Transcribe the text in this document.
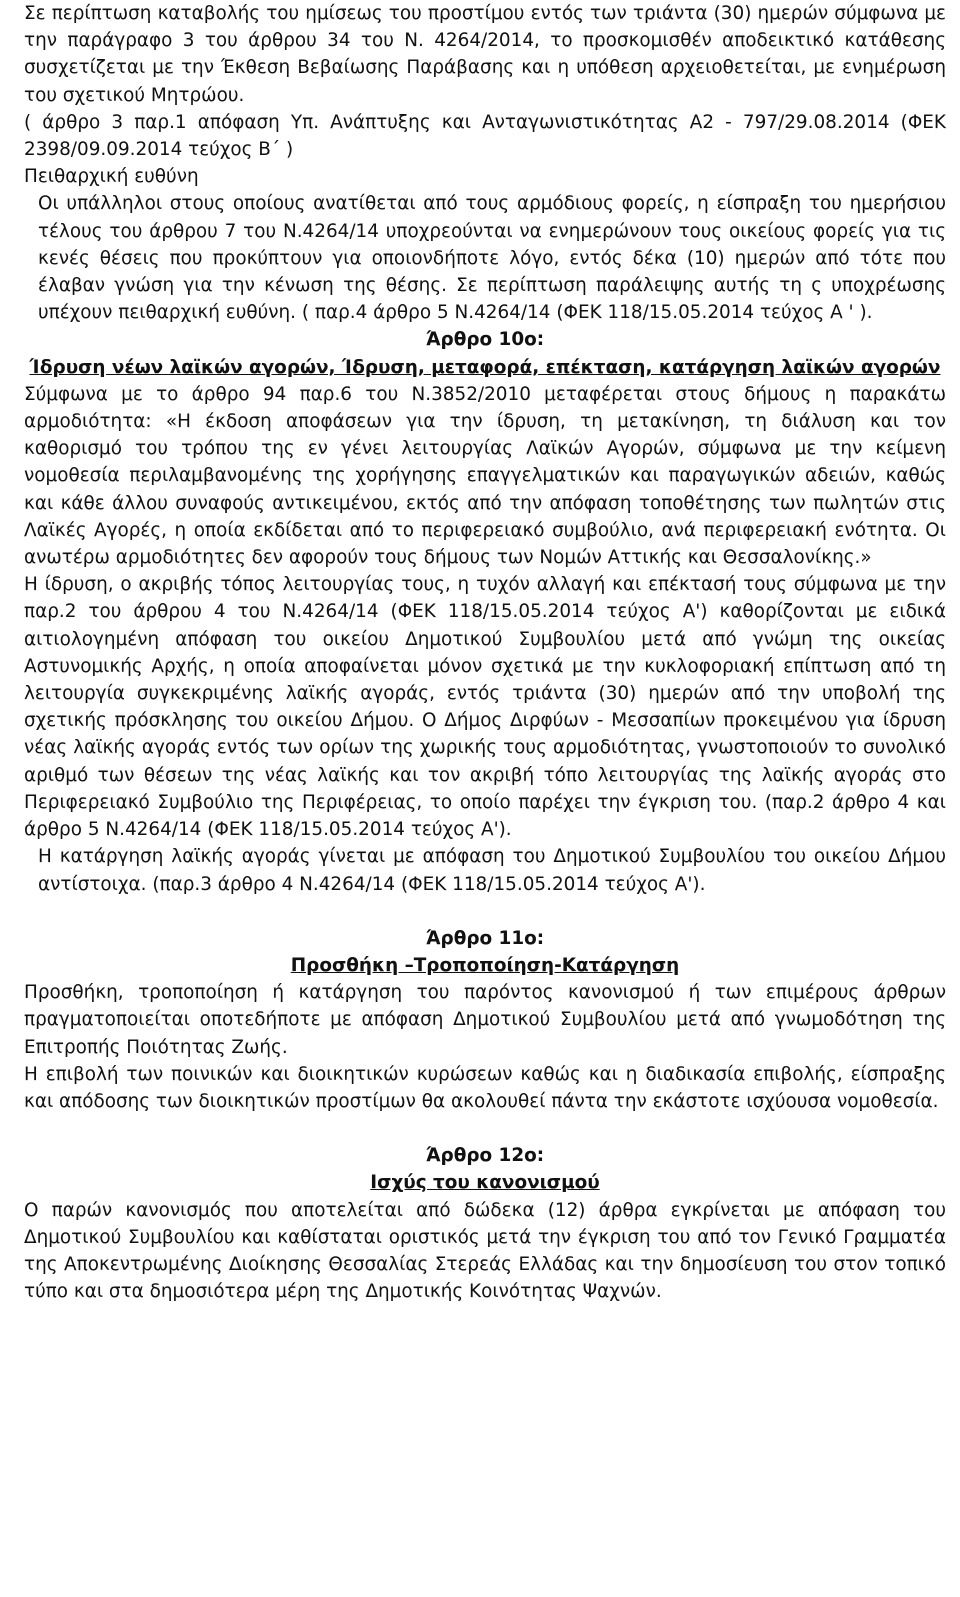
Σε περίπτωση καταβολής του ημίσεως του προστίμου εντός των τριάντα (30) ημερών σύμφωνα με την παράγραφο 3 του άρθρου 34 του Ν. 4264/2014, το προσκομισθέν αποδεικτικό κατάθεσης συσχετίζεται με την Έκθεση Βεβαίωσης Παράβασης και η υπόθεση αρχειοθετείται, με ενημέρωση του σχετικού Μητρώου.

( άρθρο 3 παρ.1 απόφαση Υπ. Ανάπτυξης και Ανταγωνιστικότητας Α2 - 797/29.08.2014 (ΦΕΚ 2398/09.09.2014 τεύχος Β΄ )

Πειθαρχική ευθύνη

Οι υπάλληλοι στους οποίους ανατίθεται από τους αρμόδιους φορείς, η είσπραξη του ημερήσιου τέλους του άρθρου 7 του Ν.4264/14 υποχρεούνται να ενημερώνουν τους οικείους φορείς για τις κενές θέσεις που προκύπτουν για οποιονδήποτε λόγο, εντός δέκα (10) ημερών από τότε που έλαβαν γνώση για την κένωση της θέσης. Σε περίπτωση παράλειψης αυτής τη ς υποχρέωσης υπέχουν πειθαρχική ευθύνη. ( παρ.4 άρθρο 5 Ν.4264/14 (ΦΕΚ 118/15.05.2014 τεύχος Α ' ).

Άρθρο 10ο:

Ίδρυση νέων λαϊκών αγορών, Ίδρυση, μεταφορά, επέκταση, κατάργηση λαϊκών αγορών

Σύμφωνα με το άρθρο 94 παρ.6 του Ν.3852/2010 μεταφέρεται στους δήμους η παρακάτω αρμοδιότητα: «Η έκδοση αποφάσεων για την ίδρυση, τη μετακίνηση, τη διάλυση και τον καθορισμό του τρόπου της εν γένει λειτουργίας Λαϊκών Αγορών, σύμφωνα με την κείμενη νομοθεσία περιλαμβανομένης της χορήγησης επαγγελματικών και παραγωγικών αδειών, καθώς και κάθε άλλου συναφούς αντικειμένου, εκτός από την απόφαση τοποθέτησης των πωλητών στις Λαϊκές Αγορές, η οποία εκδίδεται από το περιφερειακό συμβούλιο, ανά περιφερειακή ενότητα. Οι ανωτέρω αρμοδιότητες δεν αφορούν τους δήμους των Νομών Αττικής και Θεσσαλονίκης.»

Η ίδρυση, ο ακριβής τόπος λειτουργίας τους, η τυχόν αλλαγή και επέκτασή τους σύμφωνα με την παρ.2 του άρθρου 4 του Ν.4264/14 (ΦΕΚ 118/15.05.2014 τεύχος Α') καθορίζονται με ειδικά αιτιολογημένη απόφαση του οικείου Δημοτικού Συμβουλίου μετά από γνώμη της οικείας Αστυνομικής Αρχής, η οποία αποφαίνεται μόνον σχετικά με την κυκλοφοριακή επίπτωση από τη λειτουργία συγκεκριμένης λαϊκής αγοράς, εντός τριάντα (30) ημερών από την υποβολή της σχετικής πρόσκλησης του οικείου Δήμου. Ο Δήμος Διρφύων - Μεσσαπίων προκειμένου για ίδρυση νέας λαϊκής αγοράς εντός των ορίων της χωρικής τους αρμοδιότητας, γνωστοποιούν το συνολικό αριθμό των θέσεων της νέας λαϊκής και τον ακριβή τόπο λειτουργίας της λαϊκής αγοράς στο Περιφερειακό Συμβούλιο της Περιφέρειας, το οποίο παρέχει την έγκριση του. (παρ.2 άρθρο 4 και άρθρο 5 Ν.4264/14 (ΦΕΚ 118/15.05.2014 τεύχος Α').

Η κατάργηση λαϊκής αγοράς γίνεται με απόφαση του Δημοτικού Συμβουλίου του οικείου Δήμου αντίστοιχα. (παρ.3 άρθρο 4 Ν.4264/14 (ΦΕΚ 118/15.05.2014 τεύχος Α').

Άρθρο 11ο:

Προσθήκη –Τροποποίηση-Κατάργηση

Προσθήκη, τροποποίηση ή κατάργηση του παρόντος κανονισμού ή των επιμέρους άρθρων πραγματοποιείται οποτεδήποτε με απόφαση Δημοτικού Συμβουλίου μετά από γνωμοδότηση της Επιτροπής Ποιότητας Ζωής.

Η επιβολή των ποινικών και διοικητικών κυρώσεων καθώς και η διαδικασία επιβολής, είσπραξης και απόδοσης των διοικητικών προστίμων θα ακολουθεί πάντα την εκάστοτε ισχύουσα νομοθεσία.

Άρθρο 12ο:

Ισχύς του κανονισμού

Ο παρών κανονισμός που αποτελείται από δώδεκα (12) άρθρα εγκρίνεται με απόφαση του Δημοτικού Συμβουλίου και καθίσταται οριστικός μετά την έγκριση του από τον Γενικό Γραμματέα της Αποκεντρωμένης Διοίκησης Θεσσαλίας Στερεάς Ελλάδας και την δημοσίευση του στον τοπικό τύπο και στα δημοσιότερα μέρη της Δημοτικής Κοινότητας Ψαχνών.
